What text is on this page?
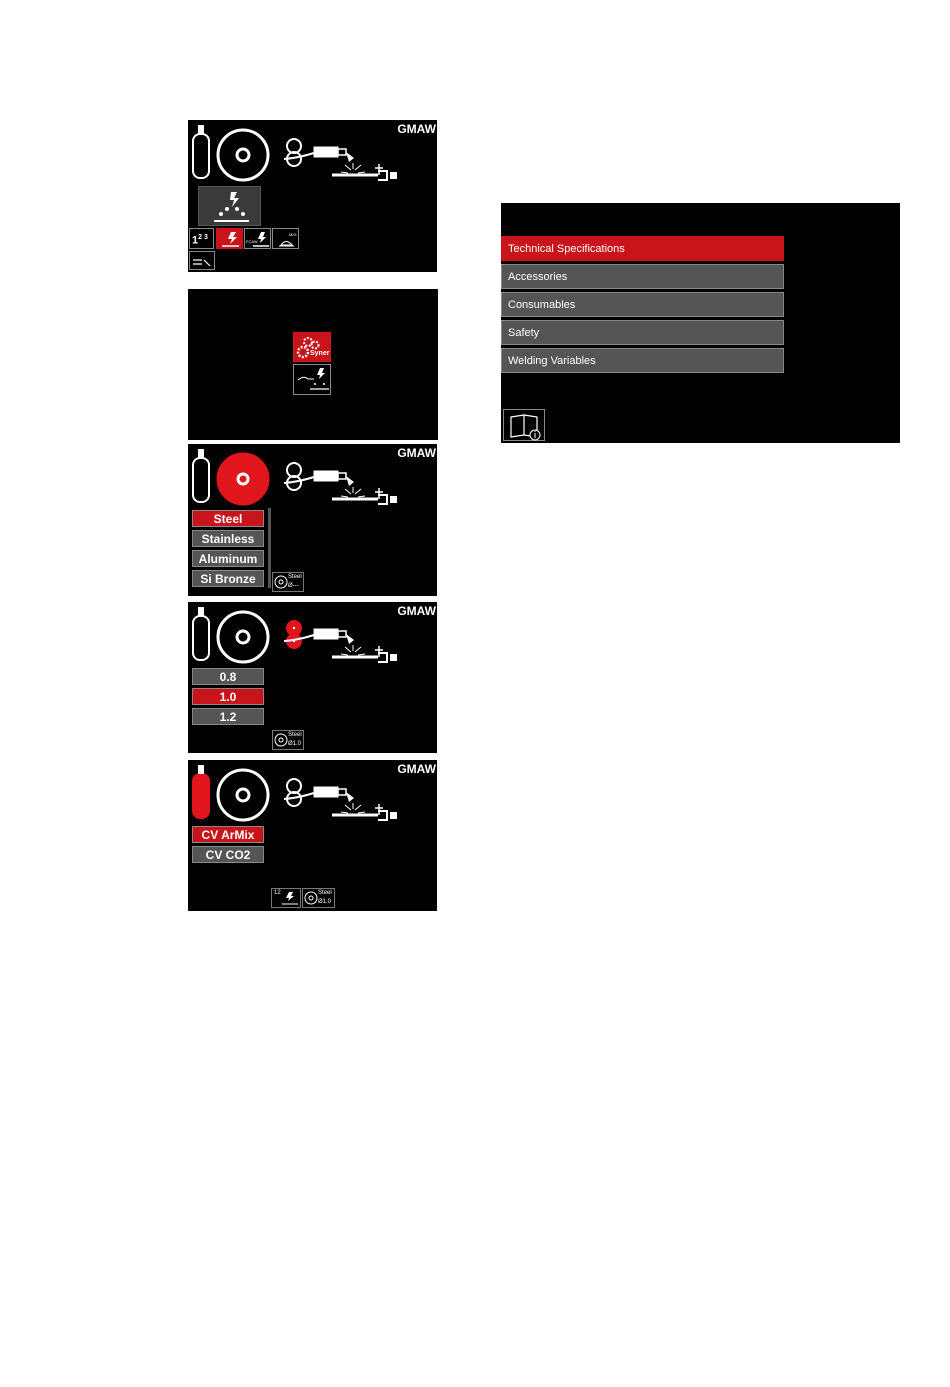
GMAW
$1^{2 3}$
FCAW
MIG
Syner
GMAW
Steel
Stainless
Aluminum
Si Bronze	Steel
Ø---
GMAW
0.8
1.0
1.2
Steel
Ø1.0
GMAW
CV ArMix
CV CO2
12	Steel
Ø1.0
Technical Specifications
Accessories
Consumables
Safety
Welding Variables
